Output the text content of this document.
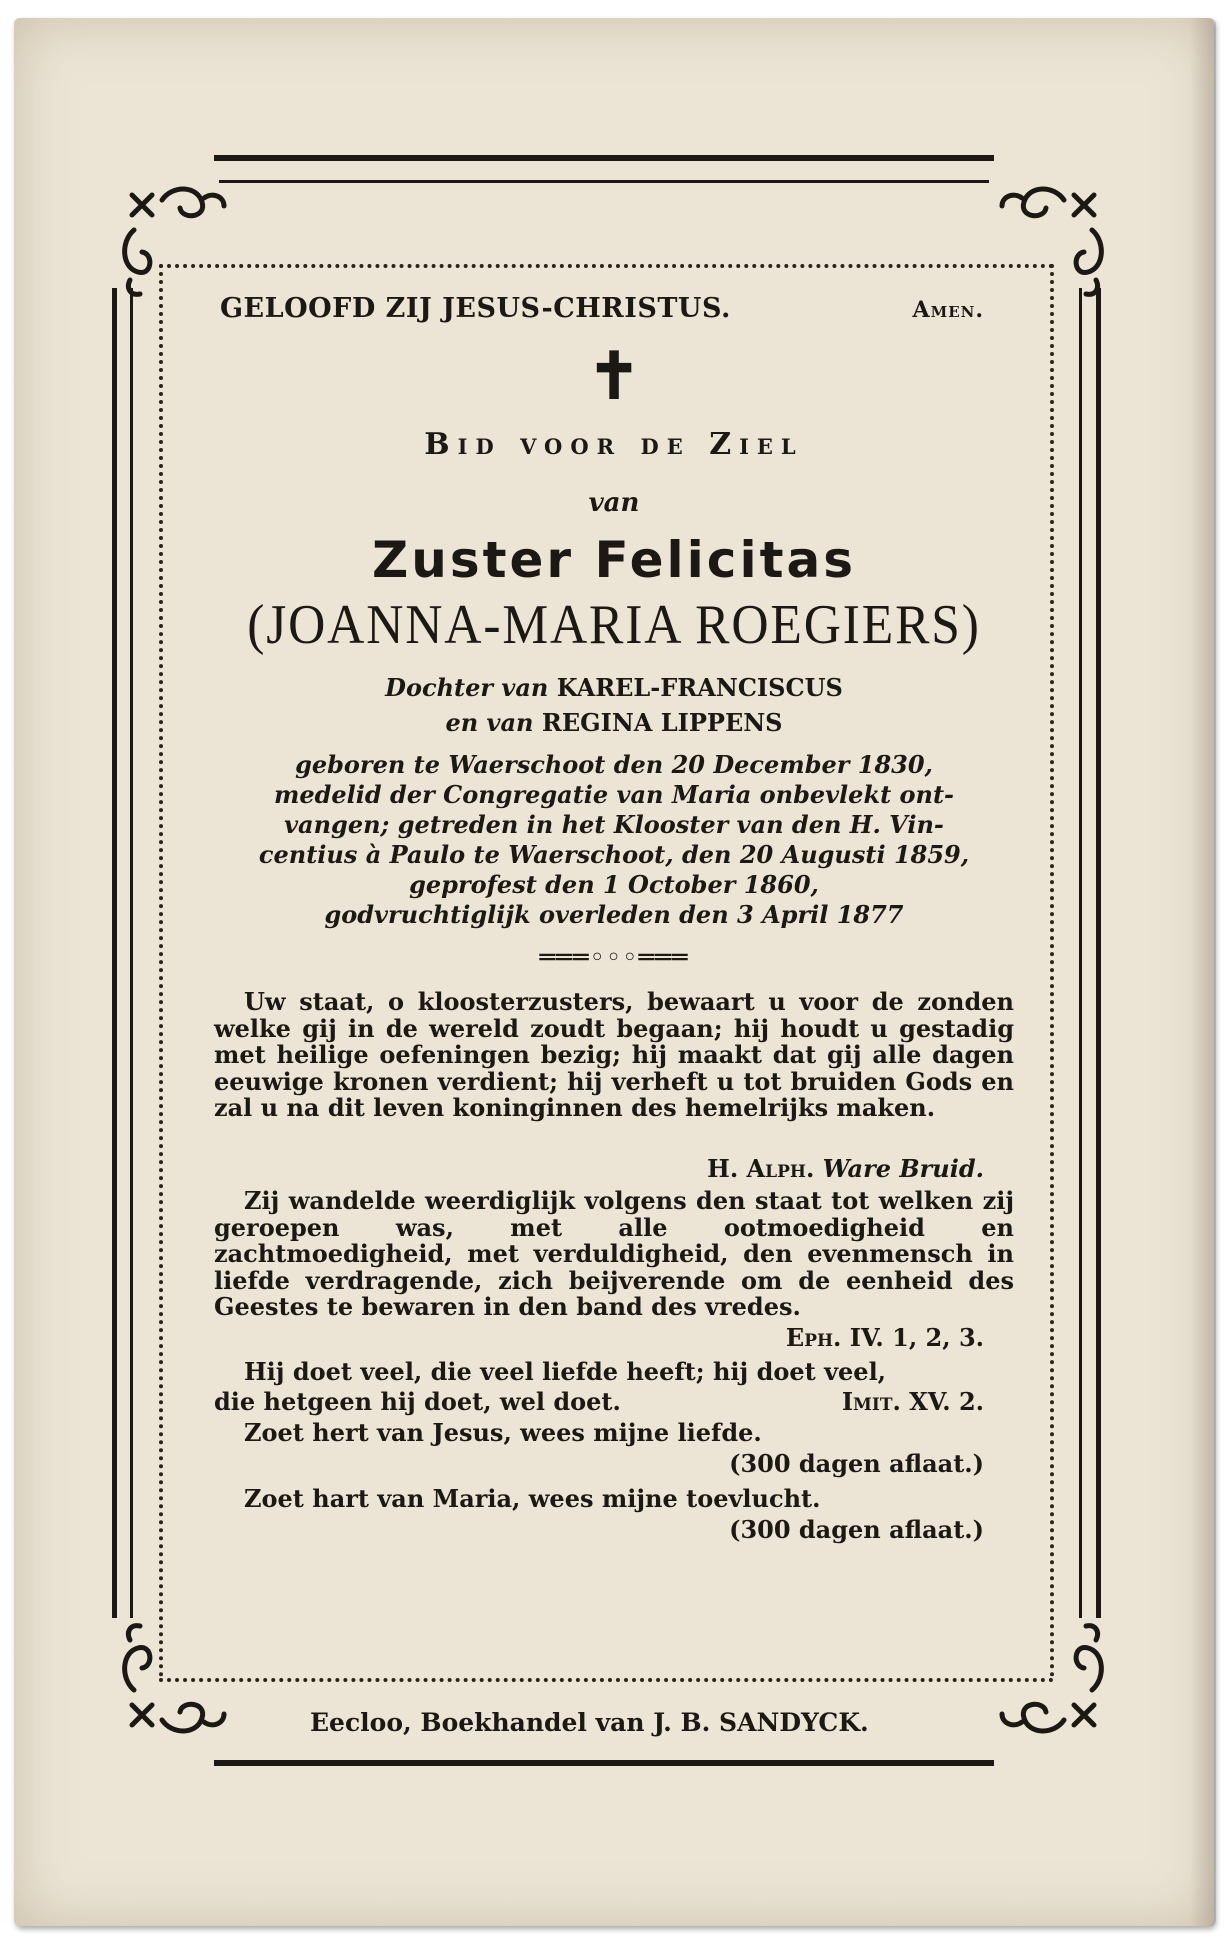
GELOOFD ZIJ JESUS-CHRISTUS.	Amen.
✝
Bid voor de Ziel
van
Zuster Felicitas
(JOANNA-MARIA ROEGIERS)
Dochter van KAREL-FRANCISCUS
en van REGINA LIPPENS
geboren te Waerschoot den 20 December 1830,
medelid der Congregatie van Maria onbevlekt ont-
vangen; getreden in het Klooster van den H. Vin-
centius à Paulo te Waerschoot, den 20 Augusti 1859,
geprofest den 1 October 1860,
godvruchtiglijk overleden den 3 April 1877
═══◦◦◦═══
Uw staat, o kloosterzusters, bewaart u voor de zonden welke gij in de wereld zoudt begaan; hij houdt u gestadig met heilige oefeningen bezig; hij maakt dat gij alle dagen eeuwige kronen verdient; hij verheft u tot bruiden Gods en zal u na dit leven koninginnen des hemelrijks maken.
H. Alph. Ware Bruid.
Zij wandelde weerdiglijk volgens den staat tot welken zij geroepen was, met alle ootmoedigheid en zachtmoedigheid, met verduldigheid, den evenmensch in liefde verdragende, zich beijverende om de eenheid des Geestes te bewaren in den band des vredes.
Eph. IV. 1, 2, 3.
Hij doet veel, die veel liefde heeft; hij doet veel,
die hetgeen hij doet, wel doet.	Imit. XV. 2.
Zoet hert van Jesus, wees mijne liefde.
(300 dagen aflaat.)
Zoet hart van Maria, wees mijne toevlucht.
(300 dagen aflaat.)
Eecloo, Boekhandel van J. B. SANDYCK.
